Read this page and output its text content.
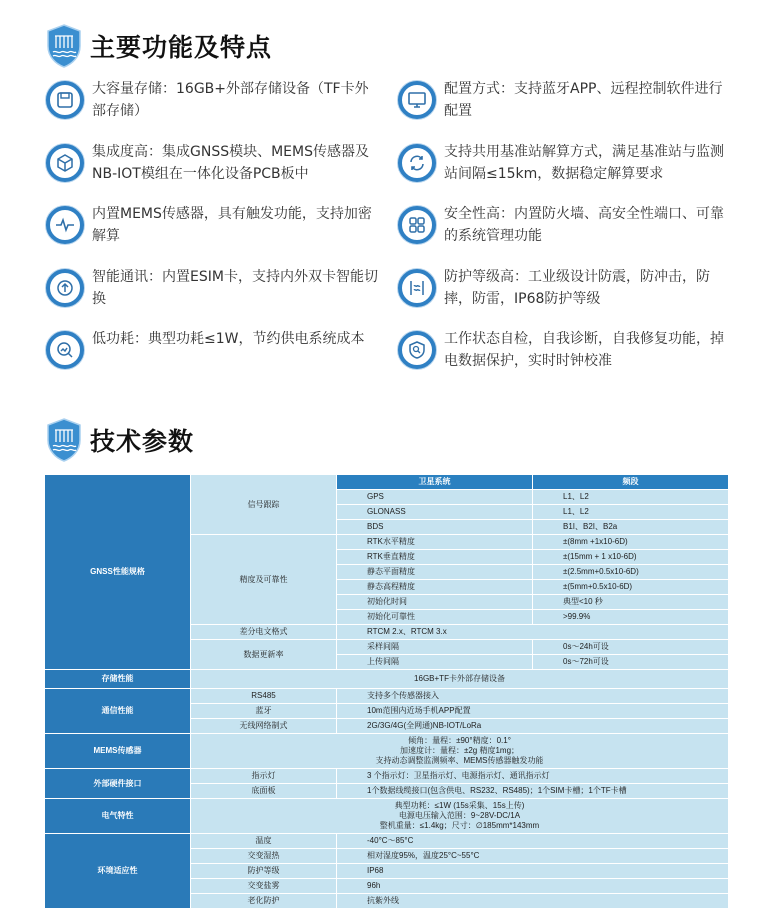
主要功能及特点
大容量存储：16GB+外部存储设备（TF卡外部存储）
配置方式：支持蓝牙APP、远程控制软件进行配置
集成度高：集成GNSS模块、MEMS传感器及NB-IOT模组在一体化设备PCB板中
支持共用基准站解算方式，满足基准站与监测站间隔≤15km，数据稳定解算要求
内置MEMS传感器，具有触发功能，支持加密解算
安全性高：内置防火墙、高安全性端口、可靠的系统管理功能
智能通讯：内置ESIM卡，支持内外双卡智能切换
防护等级高：工业级设计防震，防冲击，防摔，防雷，IP68防护等级
低功耗：典型功耗≤1W，节约供电系统成本	工作状态自检，自我诊断，自我修复功能，掉电数据保护，实时时钟校准
技术参数
GNSS性能规格	信号跟踪	卫星系统	频段
		GPS	L1、L2
		GLONASS	L1、L2
		BDS	B1I、B2I、B2a
	精度及可靠性	RTK水平精度	±(8mm +1x10-6D)
		RTK垂直精度	±(15mm + 1 x10-6D)
		静态平面精度	±(2.5mm+0.5x10-6D)
		静态高程精度	±(5mm+0.5x10-6D)
		初始化时间	典型<10 秒
		初始化可靠性	>99.9%
	差分电文格式	RTCM 2.x、RTCM 3.x	
	数据更新率	采样间隔	0s～24h可设
		上传间隔	0s～72h可设
存储性能	16GB+TF卡外部存储设备		

通信性能	RS485	支持多个传感器接入	
	蓝牙	10m范围内近场手机APP配置	
	无线网络制式	2G/3G/4G(全网通)NB-IOT/LoRa	
MEMS传感器	倾角：量程：±90°精度：0.1°
加速度计：量程：±2g 精度1mg；
支持动态调整监测频率、MEMS传感器触发功能		

外部硬件接口	指示灯	3 个指示灯：卫星指示灯、电源指示灯、通讯指示灯	
	底面板	1个数据线缆接口(包含供电、RS232、RS485)；1个SIM卡槽；1个TF卡槽	
电气特性	典型功耗：≤1W (15s采集、15s上传)
电源电压输入范围：9~28V-DC/1A
整机重量：≤1.4kg；尺寸：∅185mm*143mm		

环境适应性	温度	-40°C～85°C	
	交变湿热	相对湿度95%，温度25°C~55°C	
	防护等级	IP68	
	交变盐雾	96h	
	老化防护	抗紫外线	
